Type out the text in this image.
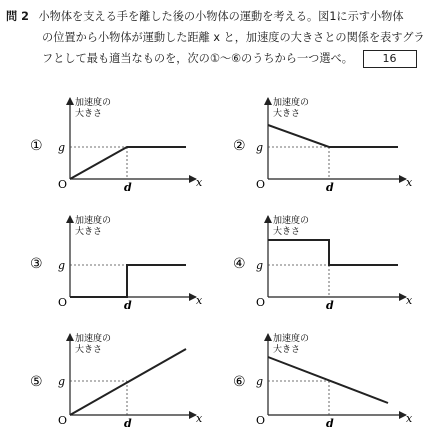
問 2 小物体を支える手を離した後の小物体の運動を考える。図1に示す小物体
の位置から小物体が運動した距離 x と，加速度の大きさとの関係を表すグラ
フとして最も適当なものを，次の①〜⑥のうちから一つ選べ。	16
①
加速度の
大きさ
g
O	d	x
②
加速度の
大きさ
g
O	d	x
③
加速度の
大きさ
g
O	d	x
④
加速度の
大きさ
g
O	d	x
⑤
加速度の
大きさ
g
O	d	x
⑥
加速度の
大きさ
g
O	d	x
